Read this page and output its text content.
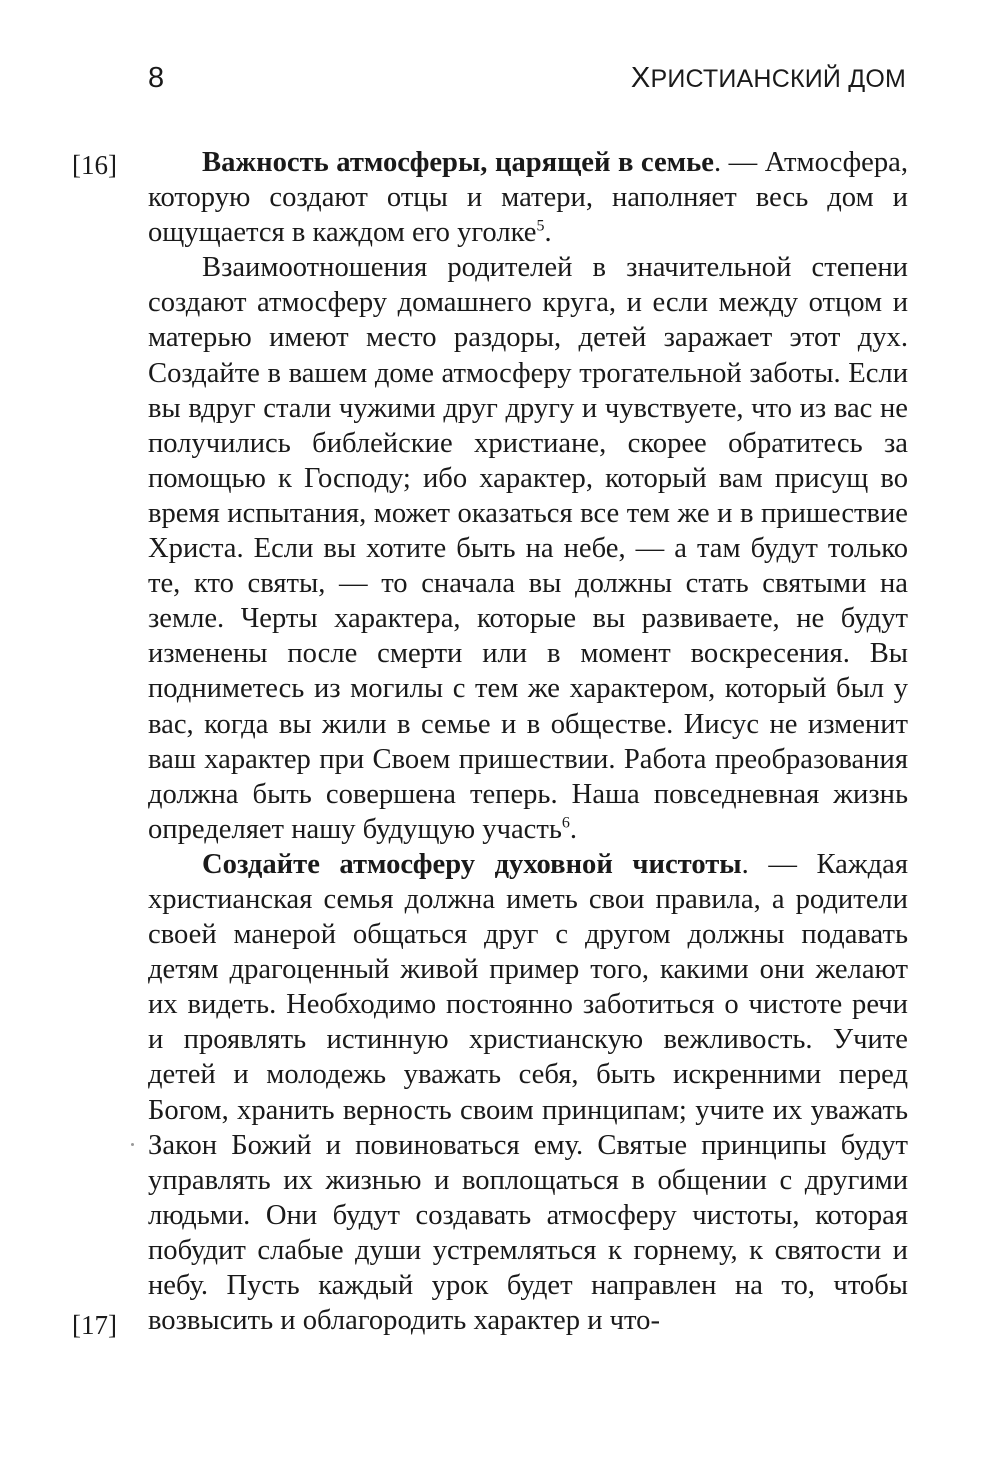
8	ХРИСТИАНСКИЙ ДОМ
[16]
[17]

Важность атмосферы, царящей в семье. — Атмосфера, которую создают отцы и матери, наполняет весь дом и ощущается в каждом его уголке$^5$.

Взаимоотношения родителей в значительной степени создают атмосферу домашнего круга, и если между отцом и матерью имеют место раздоры, детей заражает этот дух. Создайте в вашем доме атмосферу трогательной заботы. Если вы вдруг стали чужими друг другу и чувствуете, что из вас не получились библейские христиане, скорее обратитесь за помощью к Господу; ибо характер, который вам присущ во время испытания, может оказаться все тем же и в пришествие Христа. Если вы хотите быть на небе, — а там будут только те, кто святы, — то сначала вы должны стать святыми на земле. Черты характера, которые вы развиваете, не будут изменены после смерти или в момент воскресения. Вы подниметесь из могилы с тем же характером, который был у вас, когда вы жили в семье и в обществе. Иисус не изменит ваш характер при Своем пришествии. Работа преобразования должна быть совершена теперь. Наша повседневная жизнь определяет нашу будущую участь$^6$.

Создайте атмосферу духовной чистоты. — Каждая христианская семья должна иметь свои правила, а родители своей манерой общаться друг с другом должны подавать детям драгоценный живой пример того, какими они желают их видеть. Необходимо постоянно заботиться о чистоте речи и проявлять истинную христианскую вежливость. Учите детей и молодежь уважать себя, быть искренними перед Богом, хранить верность своим принципам; учите их уважать Закон Божий и повиноваться ему. Святые принципы будут управлять их жизнью и воплощаться в общении с другими людьми. Они будут создавать атмосферу чистоты, которая побудит слабые души устремляться к горнему, к святости и небу. Пусть каждый урок будет направлен на то, чтобы возвысить и облагородить характер и что-
